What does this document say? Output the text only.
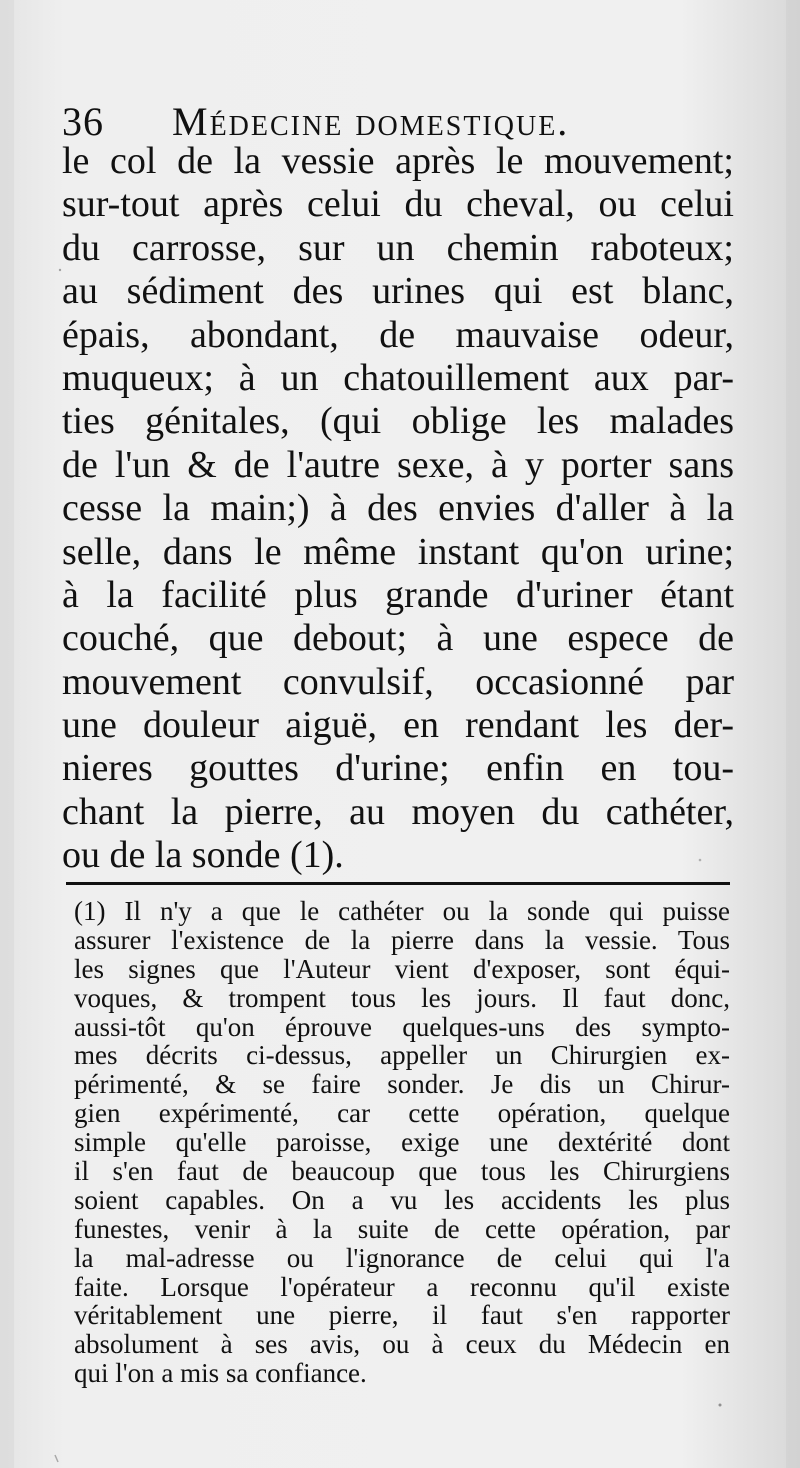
36 Médecine domestique.
le col de la vessie après le mouvement;
sur-tout après celui du cheval, ou celui
du carrosse, sur un chemin raboteux;
au sédiment des urines qui est blanc,
épais, abondant, de mauvaise odeur,
muqueux; à un chatouillement aux par-
ties génitales, (qui oblige les malades
de l'un & de l'autre sexe, à y porter sans
cesse la main;) à des envies d'aller à la
selle, dans le même instant qu'on urine;
à la facilité plus grande d'uriner étant
couché, que debout; à une espece de
mouvement convulsif, occasionné par
une douleur aiguë, en rendant les der-
nieres gouttes d'urine; enfin en tou-
chant la pierre, au moyen du cathéter,
ou de la sonde (1).
(1) Il n'y a que le cathéter ou la sonde qui puisse
assurer l'existence de la pierre dans la vessie. Tous
les signes que l'Auteur vient d'exposer, sont équi-
voques, & trompent tous les jours. Il faut donc,
aussi-tôt qu'on éprouve quelques-uns des sympto-
mes décrits ci-dessus, appeller un Chirurgien ex-
périmenté, & se faire sonder. Je dis un Chirur-
gien expérimenté, car cette opération, quelque
simple qu'elle paroisse, exige une dextérité dont
il s'en faut de beaucoup que tous les Chirurgiens
soient capables. On a vu les accidents les plus
funestes, venir à la suite de cette opération, par
la mal-adresse ou l'ignorance de celui qui l'a
faite. Lorsque l'opérateur a reconnu qu'il existe
véritablement une pierre, il faut s'en rapporter
absolument à ses avis, ou à ceux du Médecin en
qui l'on a mis sa confiance.
